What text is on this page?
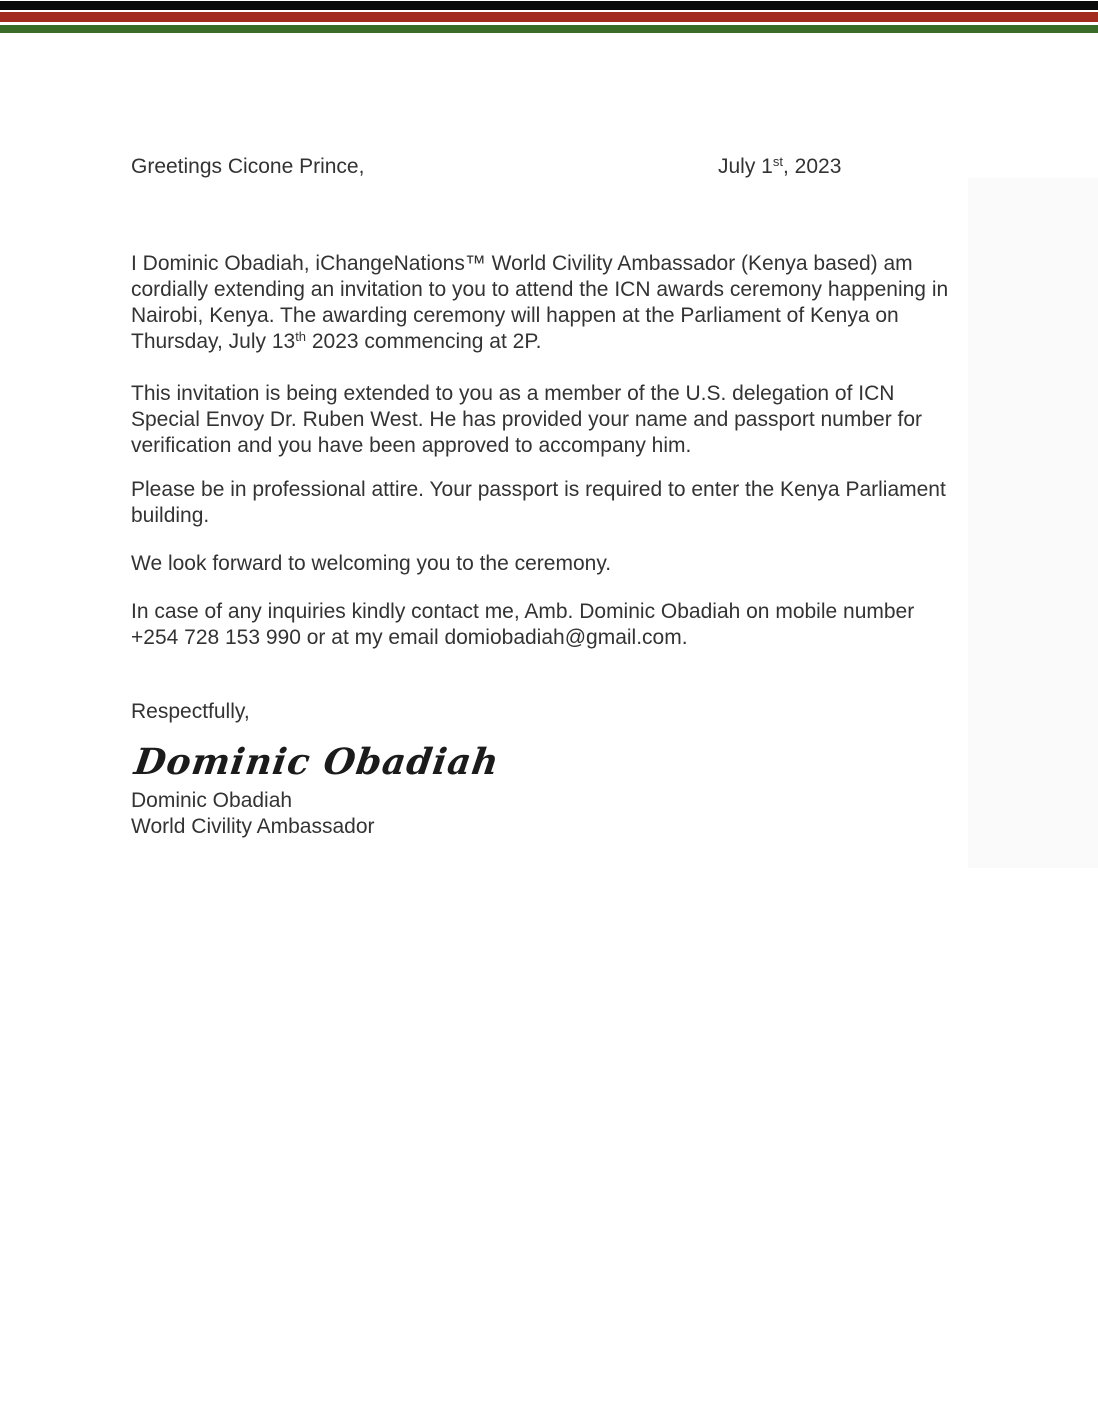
Greetings Cicone Prince,	July 1st, 2023
I Dominic Obadiah, iChangeNations™ World Civility Ambassador (Kenya based) am
cordially extending an invitation to you to attend the ICN awards ceremony happening in
Nairobi, Kenya. The awarding ceremony will happen at the Parliament of Kenya on
Thursday, July 13th 2023 commencing at 2P.
This invitation is being extended to you as a member of the U.S. delegation of ICN
Special Envoy Dr. Ruben West. He has provided your name and passport number for
verification and you have been approved to accompany him.
Please be in professional attire. Your passport is required to enter the Kenya Parliament
building.
We look forward to welcoming you to the ceremony.
In case of any inquiries kindly contact me, Amb. Dominic Obadiah on mobile number
+254 728 153 990 or at my email domiobadiah@gmail.com.
Respectfully,
Dominic Obadiah
Dominic Obadiah
World Civility Ambassador
